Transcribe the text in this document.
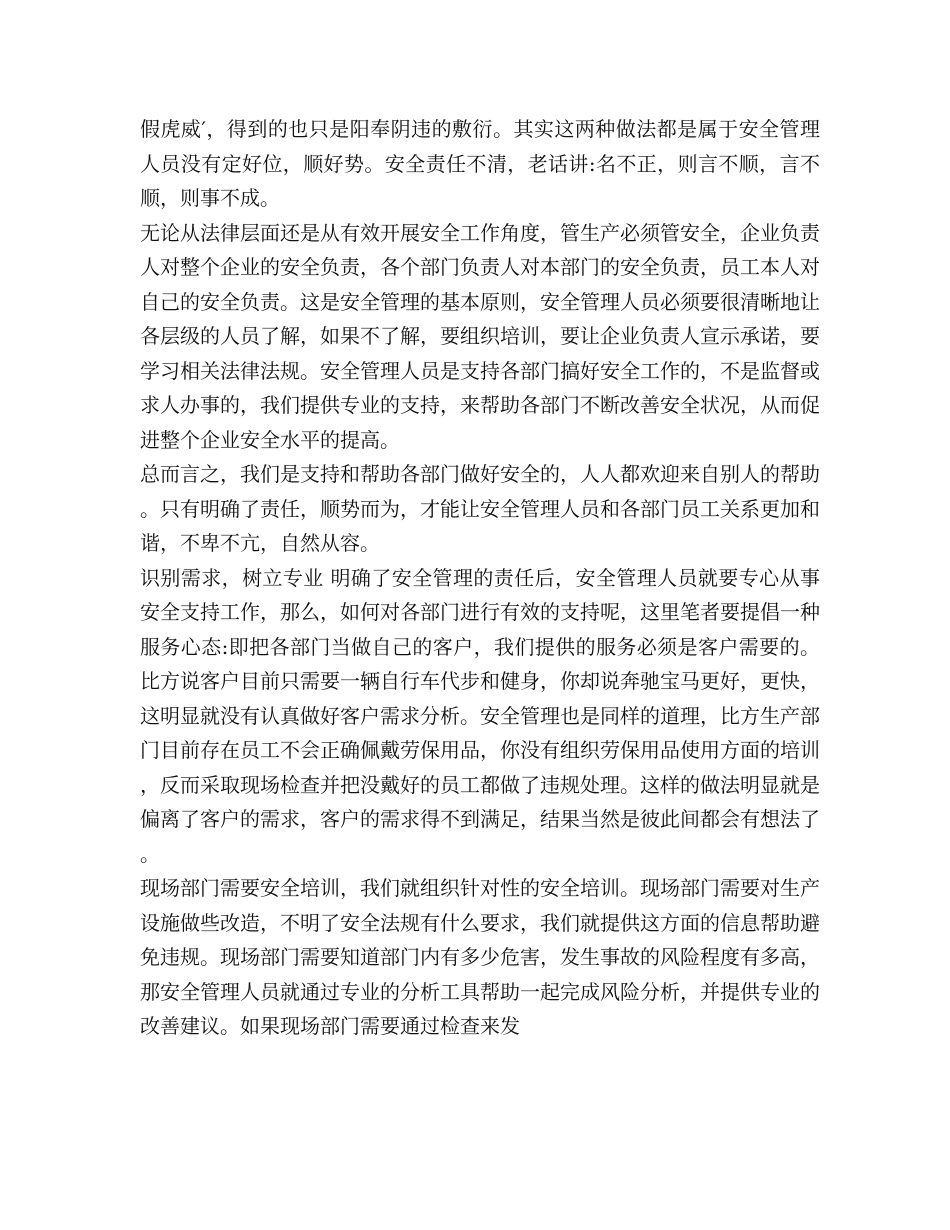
假虎威′，得到的也只是阳奉阴违的敷衍。其实这两种做法都是属于安全管理人员没有定好位，顺好势。安全责任不清，老话讲:名不正，则言不顺，言不顺，则事不成。

无论从法律层面还是从有效开展安全工作角度，管生产必须管安全，企业负责人对整个企业的安全负责，各个部门负责人对本部门的安全负责，员工本人对自己的安全负责。这是安全管理的基本原则，安全管理人员必须要很清晰地让各层级的人员了解，如果不了解，要组织培训，要让企业负责人宣示承诺，要学习相关法律法规。安全管理人员是支持各部门搞好安全工作的，不是监督或求人办事的，我们提供专业的支持，来帮助各部门不断改善安全状况，从而促进整个企业安全水平的提高。

总而言之，我们是支持和帮助各部门做好安全的，人人都欢迎来自别人的帮助。只有明确了责任，顺势而为，才能让安全管理人员和各部门员工关系更加和谐，不卑不亢，自然从容。

识别需求，树立专业 明确了安全管理的责任后，安全管理人员就要专心从事安全支持工作，那么，如何对各部门进行有效的支持呢，这里笔者要提倡一种服务心态:即把各部门当做自己的客户，我们提供的服务必须是客户需要的。比方说客户目前只需要一辆自行车代步和健身，你却说奔驰宝马更好，更快，这明显就没有认真做好客户需求分析。安全管理也是同样的道理，比方生产部门目前存在员工不会正确佩戴劳保用品，你没有组织劳保用品使用方面的培训，反而采取现场检查并把没戴好的员工都做了违规处理。这样的做法明显就是偏离了客户的需求，客户的需求得不到满足，结果当然是彼此间都会有想法了。

现场部门需要安全培训，我们就组织针对性的安全培训。现场部门需要对生产设施做些改造，不明了安全法规有什么要求，我们就提供这方面的信息帮助避免违规。现场部门需要知道部门内有多少危害，发生事故的风险程度有多高，那安全管理人员就通过专业的分析工具帮助一起完成风险分析，并提供专业的改善建议。如果现场部门需要通过检查来发
